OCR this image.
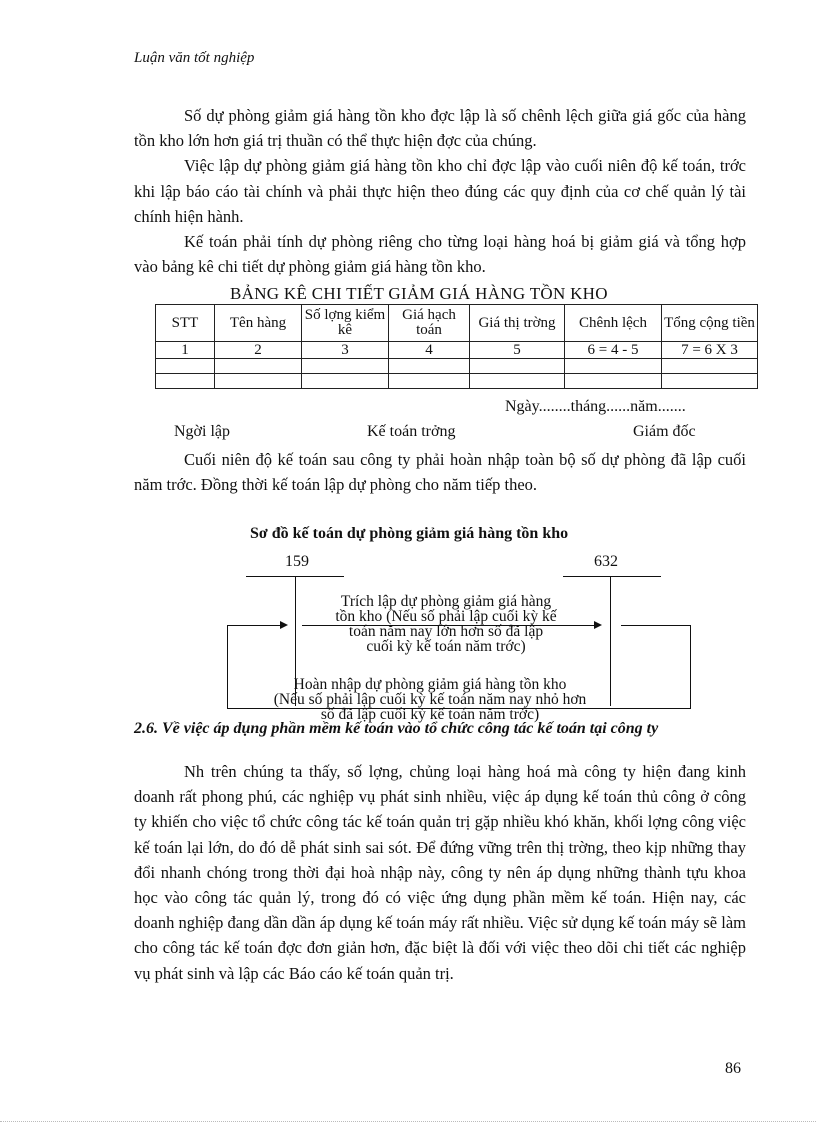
Luận văn tốt nghiệp

Số dự phòng giảm giá hàng tồn kho đợc lập là số chênh lệch giữa giá gốc của hàng tồn kho lớn hơn giá trị thuần có thể thực hiện đợc của chúng.

Việc lập dự phòng giảm giá hàng tồn kho chỉ đợc lập vào cuối niên độ kế toán, trớc khi lập báo cáo tài chính và phải thực hiện theo đúng các quy định của cơ chế quản lý tài chính hiện hành.

Kế toán phải tính dự phòng riêng cho từng loại hàng hoá bị giảm giá và tổng hợp vào bảng kê chi tiết dự phòng giảm giá hàng tồn kho.

BẢNG KÊ CHI TIẾT GIẢM GIÁ HÀNG TỒN KHO
STT	Tên hàng	Số lợng kiểm kê	Giá hạch toán	Giá thị trờng	Chênh lệch	Tổng cộng tiền
1	2	3	4	5	6 = 4 - 5	7 = 6 X 3

Ngày........tháng......năm.......
Ngời lập	Kế toán trởng	Giám đốc

Cuối niên độ kế toán sau công ty phải hoàn nhập toàn bộ số dự phòng đã lập cuối năm trớc. Đồng thời kế toán lập dự phòng cho năm tiếp theo.

Sơ đồ kế toán dự phòng giảm giá hàng tồn kho
159	632
Trích lập dự phòng giảm giá hàng
tồn kho (Nếu số phải lập cuối kỳ kế
toán năm nay lớn hơn số đã lập
cuối kỳ kế toán năm trớc)
Hoàn nhập dự phòng giảm giá hàng tồn kho
(Nếu số phải lập cuối kỳ kế toán năm nay nhỏ hơn
số đã lập cuối kỳ kế toán năm trớc)
2.6. Về việc áp dụng phần mềm kế toán vào tổ chức công tác kế toán tại công ty

Nh trên chúng ta thấy, số lợng, chủng loại hàng hoá mà công ty hiện đang kinh doanh rất phong phú, các nghiệp vụ phát sinh nhiều, việc áp dụng kế toán thủ công ở công ty khiến cho việc tổ chức công tác kế toán quản trị gặp nhiều khó khăn, khối lợng công việc kế toán lại lớn, do đó dễ phát sinh sai sót. Để đứng vững trên thị trờng, theo kịp những thay đổi nhanh chóng trong thời đại hoà nhập này, công ty nên áp dụng những thành tựu khoa học vào công tác quản lý, trong đó có việc ứng dụng phần mềm kế toán. Hiện nay, các doanh nghiệp đang dần dần áp dụng kế toán máy rất nhiều. Việc sử dụng kế toán máy sẽ làm cho công tác kế toán đợc đơn giản hơn, đặc biệt là đối với việc theo dõi chi tiết các nghiệp vụ phát sinh và lập các Báo cáo kế toán quản trị.

86
